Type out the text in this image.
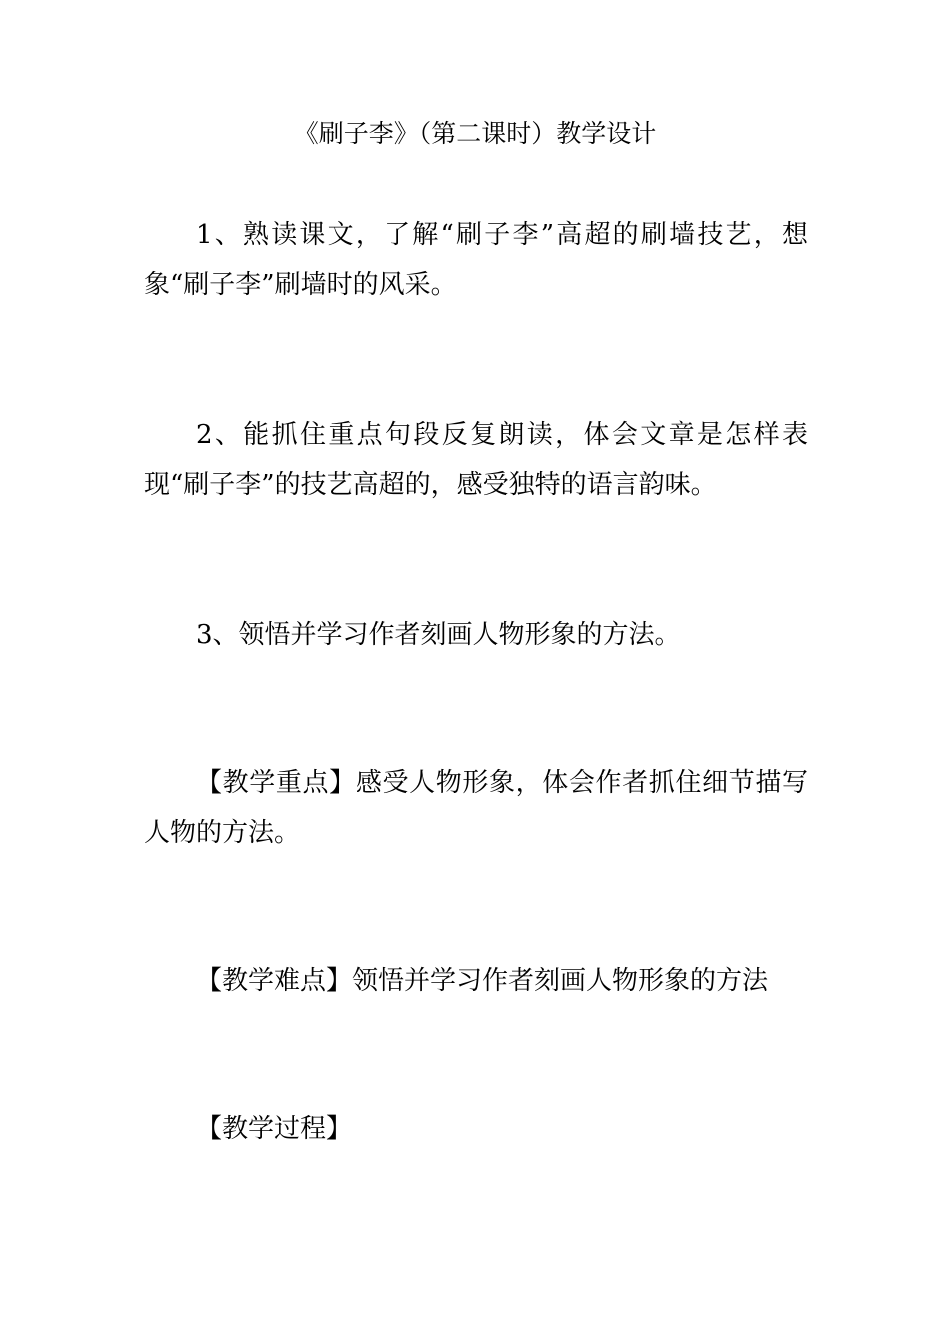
《刷子李》（第二课时）教学设计
1、熟读课文，了解“刷子李”高超的刷墙技艺，想象“刷子李”刷墙时的风采。
2、能抓住重点句段反复朗读，体会文章是怎样表现“刷子李”的技艺高超的，感受独特的语言韵味。
3、领悟并学习作者刻画人物形象的方法。
【教学重点】感受人物形象，体会作者抓住细节描写人物的方法。
【教学难点】领悟并学习作者刻画人物形象的方法
【教学过程】
